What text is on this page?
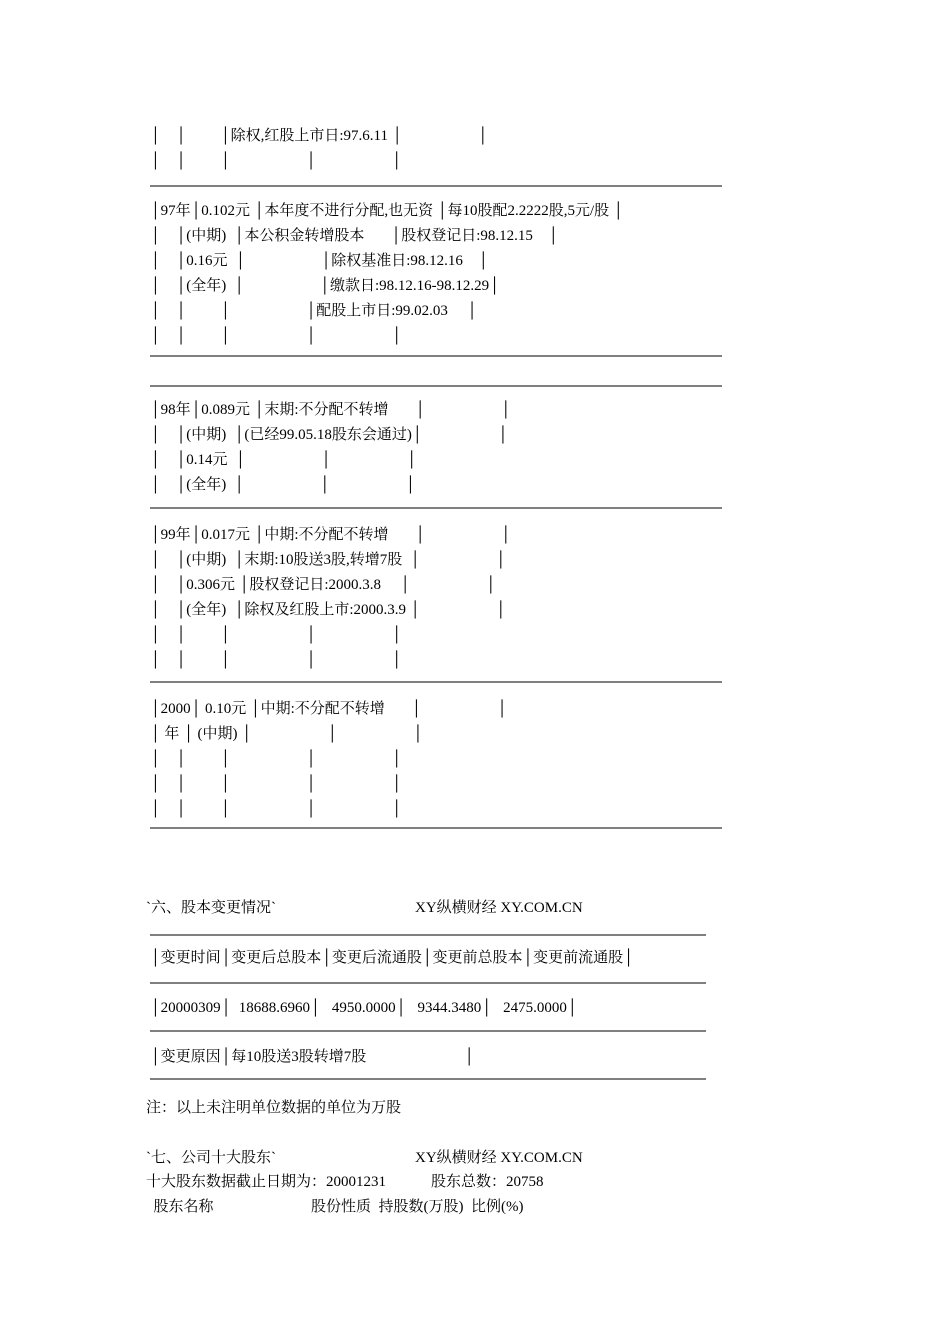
│    │         │除权,红股上市日:97.6.11 │                    │
│    │         │                    │                    │
│97年│0.102元 │本年度不进行分配,也无资 │每10股配2.2222股,5元/股 │
│    │(中期)  │本公积金转增股本       │股权登记日:98.12.15    │
│    │0.16元  │                    │除权基准日:98.12.16    │
│    │(全年)  │                    │缴款日:98.12.16-98.12.29│
│    │         │                    │配股上市日:99.02.03     │
│    │         │                    │                    │
│98年│0.089元 │末期:不分配不转增       │                    │
│    │(中期)  │(已经99.05.18股东会通过)│                    │
│    │0.14元  │                    │                    │
│    │(全年)  │                    │                    │
│99年│0.017元 │中期:不分配不转增       │                    │
│    │(中期)  │末期:10股送3股,转增7股  │                    │
│    │0.306元 │股权登记日:2000.3.8     │                    │
│    │(全年)  │除权及红股上市:2000.3.9 │                    │
│    │         │                    │                    │
│    │         │                    │                    │
│2000│ 0.10元 │中期:不分配不转增       │                    │
│ 年 │ (中期) │                    │                    │
│    │         │                    │                    │
│    │         │                    │                    │
│    │         │                    │                    │
`六、股本变更情况`	XY纵横财经 XY.COM.CN
│变更时间│变更后总股本│变更后流通股│变更前总股本│变更前流通股│
│20000309│  18688.6960│   4950.0000│   9344.3480│   2475.0000│
│变更原因│每10股送3股转增7股                          │
注：以上未注明单位数据的单位为万股
`七、公司十大股东`	XY纵横财经 XY.COM.CN
十大股东数据截止日期为：20001231            股东总数：20758
股东名称                          股份性质  持股数(万股)  比例(%)
